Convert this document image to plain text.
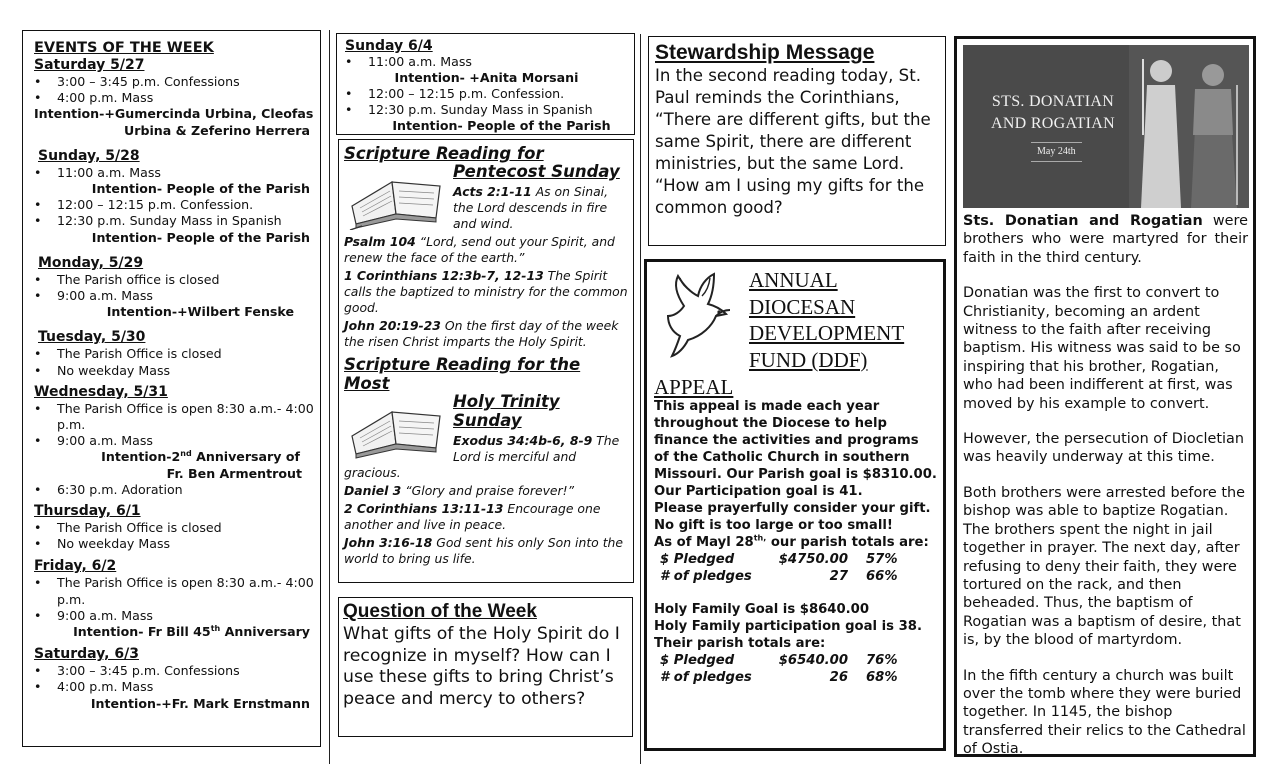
EVENTS OF THE WEEK
Saturday 5/27
• 3:00 – 3:45 p.m. Confessions
• 4:00 p.m. Mass
Intention-+Gumercinda Urbina, Cleofas
Urbina & Zeferino Herrera
Sunday, 5/28
• 11:00 a.m. Mass
Intention- People of the Parish
• 12:00 – 12:15 p.m. Confession.
• 12:30 p.m. Sunday Mass in Spanish
Intention- People of the Parish
Monday, 5/29
• The Parish office is closed
• 9:00 a.m. Mass
Intention-+Wilbert Fenske
Tuesday, 5/30
• The Parish Office is closed
• No weekday Mass
Wednesday, 5/31
• The Parish Office is open 8:30 a.m.- 4:00 p.m.
• 9:00 a.m. Mass
Intention-2nd Anniversary of
Fr. Ben Armentrout
• 6:30 p.m. Adoration
Thursday, 6/1
• The Parish Office is closed
• No weekday Mass
Friday, 6/2
• The Parish Office is open 8:30 a.m.- 4:00 p.m.
• 9:00 a.m. Mass
Intention- Fr Bill 45th Anniversary
Saturday, 6/3
• 3:00 – 3:45 p.m. Confessions
• 4:00 p.m. Mass
Intention-+Fr. Mark Ernstmann
Sunday 6/4
• 11:00 a.m. Mass
Intention- +Anita Morsani
• 12:00 – 12:15 p.m. Confession.
• 12:30 p.m. Sunday Mass in Spanish
Intention- People of the Parish
Scripture Reading for
Pentecost Sunday
Acts 2:1-11 As on Sinai, the Lord descends in fire and wind.

Psalm 104 “Lord, send out your Spirit, and renew the face of the earth.”

1 Corinthians 12:3b-7, 12-13 The Spirit calls the baptized to ministry for the common good.

John 20:19-23 On the first day of the week the risen Christ imparts the Holy Spirit.

Scripture Reading for the Most
Holy Trinity
Sunday
Exodus 34:4b-6, 8-9 The Lord is merciful and
gracious.

Daniel 3 “Glory and praise forever!”

2 Corinthians 13:11-13 Encourage one another and live in peace.

John 3:16-18 God sent his only Son into the world to bring us life.

Question of the Week
What gifts of the Holy Spirit do I recognize in myself? How can I use these gifts to bring Christ’s peace and mercy to others?
Stewardship Message
In the second reading today, St. Paul reminds the Corinthians, “There are different gifts, but the same Spirit, there are different ministries, but the same Lord. “How am I using my gifts for the common good?
ANNUAL
DIOCESAN
DEVELOPMENT
FUND (DDF)
APPEAL
This appeal is made each year throughout the Diocese to help finance the activities and programs of the Catholic Church in southern Missouri. Our Parish goal is $8310.00.
Our Participation goal is 41.
Please prayerfully consider your gift. No gift is too large or too small!
As of Mayl $28^{th,}$ our parish totals are:
$ Pledged	$4750.00	57%
# of pledges	27	66%
Holy Family Goal is $8640.00
Holy Family participation goal is 38.
Their parish totals are:
$ Pledged	$6540.00	76%
# of pledges	26	68%
STS. DONATIAN AND ROGATIAN
May 24th

Sts. Donatian and Rogatian were brothers who were martyred for their faith in the third century.

Donatian was the first to convert to Christianity, becoming an ardent witness to the faith after receiving baptism. His witness was said to be so inspiring that his brother, Rogatian, who had been indifferent at first, was moved by his example to convert.

However, the persecution of Diocletian was heavily underway at this time.

Both brothers were arrested before the bishop was able to baptize Rogatian. The brothers spent the night in jail together in prayer. The next day, after refusing to deny their faith, they were tortured on the rack, and then beheaded. Thus, the baptism of Rogatian was a baptism of desire, that is, by the blood of martyrdom.

In the fifth century a church was built over the tomb where they were buried together. In 1145, the bishop transferred their relics to the Cathedral of Ostia.
